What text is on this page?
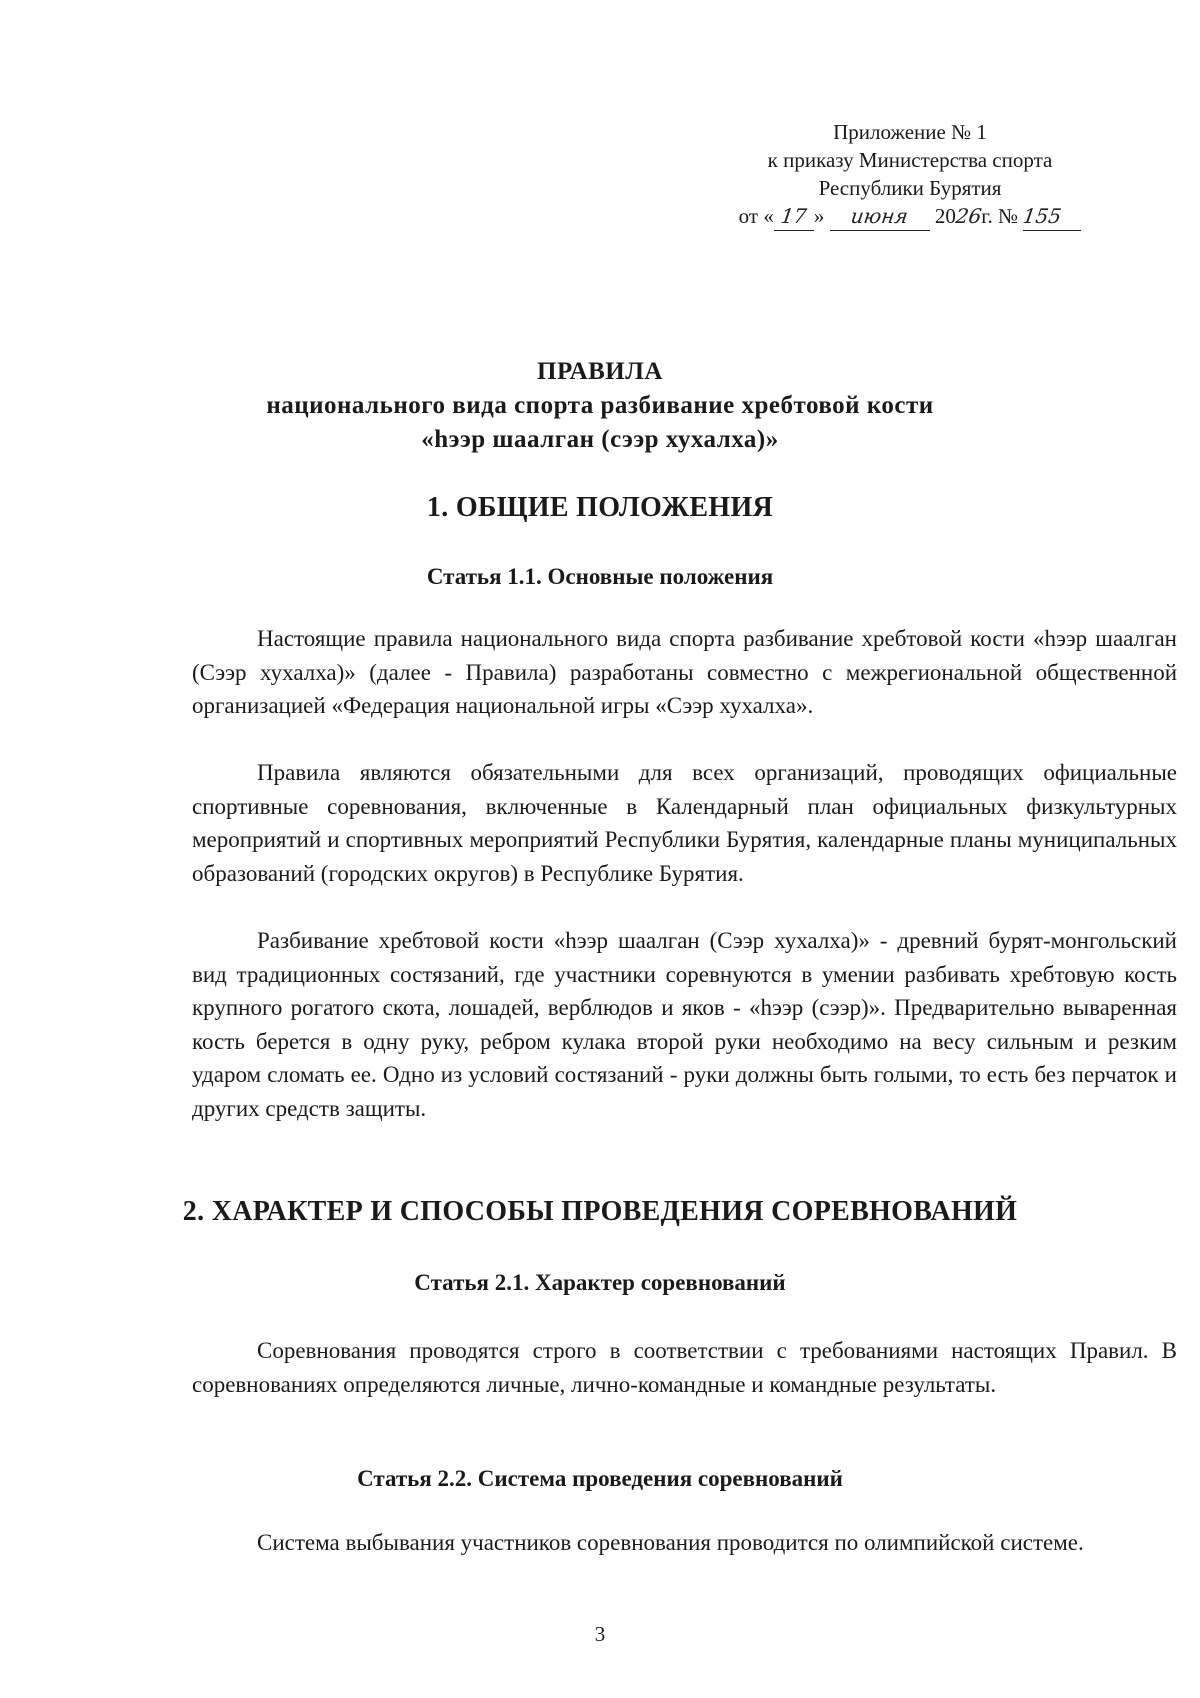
Приложение № 1
к приказу Министерства спорта
Республики Бурятия
от « 17 » июня 2026г. № 155
ПРАВИЛА
национального вида спорта разбивание хребтовой кости
«hээр шаалган (сээр хухалха)»
1. ОБЩИЕ ПОЛОЖЕНИЯ
Статья 1.1. Основные положения

Настоящие правила национального вида спорта разбивание хребтовой кости «hээр шаалган (Сээр хухалха)» (далее - Правила) разработаны совместно с межрегиональной общественной организацией «Федерация национальной игры «Сээр хухалха».

Правила являются обязательными для всех организаций, проводящих официальные спортивные соревнования, включенные в Календарный план официальных физкультурных мероприятий и спортивных мероприятий Республики Бурятия, календарные планы муниципальных образований (городских округов) в Республике Бурятия.

Разбивание хребтовой кости «hээр шаалган (Сээр хухалха)» - древний бурят-монгольский вид традиционных состязаний, где участники соревнуются в умении разбивать хребтовую кость крупного рогатого скота, лошадей, верблюдов и яков - «hээр (сээр)». Предварительно вываренная кость берется в одну руку, ребром кулака второй руки необходимо на весу сильным и резким ударом сломать ее. Одно из условий состязаний - руки должны быть голыми, то есть без перчаток и других средств защиты.

2. ХАРАКТЕР И СПОСОБЫ ПРОВЕДЕНИЯ СОРЕВНОВАНИЙ
Статья 2.1. Характер соревнований

Соревнования проводятся строго в соответствии с требованиями настоящих Правил. В соревнованиях определяются личные, лично-командные и командные результаты.

Статья 2.2. Система проведения соревнований

Система выбывания участников соревнования проводится по олимпийской системе.

3
